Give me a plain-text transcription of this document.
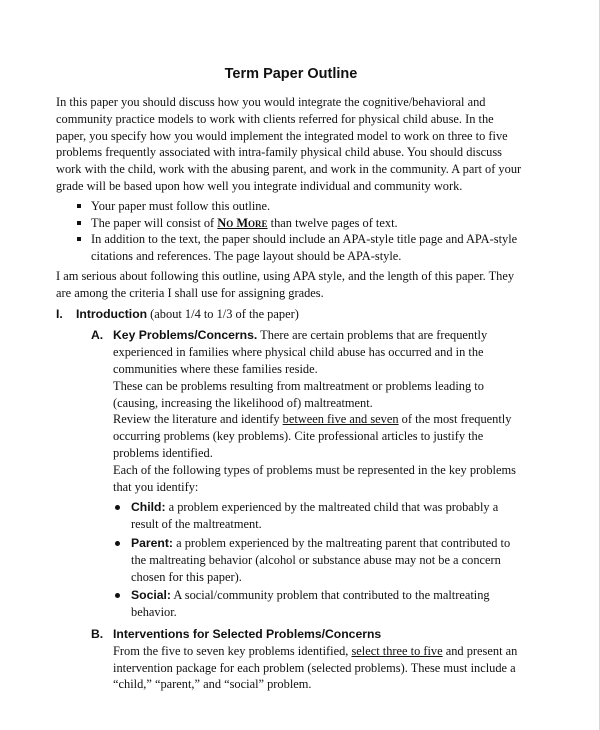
Term Paper Outline

In this paper you should discuss how you would integrate the cognitive/behavioral and community practice models to work with clients referred for physical child abuse. In the paper, you specify how you would implement the integrated model to work on three to five problems frequently associated with intra-family physical child abuse. You should discuss work with the child, work with the abusing parent, and work in the community. A part of your grade will be based upon how well you integrate individual and community work.

Your paper must follow this outline.
The paper will consist of No More than twelve pages of text.
In addition to the text, the paper should include an APA-style title page and APA-style citations and references. The page layout should be APA-style.

I am serious about following this outline, using APA style, and the length of this paper. They are among the criteria I shall use for assigning grades.

I. Introduction (about 1/4 to 1/3 of the paper)
A. Key Problems/Concerns. There are certain problems that are frequently experienced in families where physical child abuse has occurred and in the communities where these families reside.

These can be problems resulting from maltreatment or problems leading to (causing, increasing the likelihood of) maltreatment.

Review the literature and identify between five and seven of the most frequently occurring problems (key problems). Cite professional articles to justify the problems identified.

Each of the following types of problems must be represented in the key problems that you identify:

Child: a problem experienced by the maltreated child that was probably a result of the maltreatment.
Parent: a problem experienced by the maltreating parent that contributed to the maltreating behavior (alcohol or substance abuse may not be a concern chosen for this paper).
Social: A social/community problem that contributed to the maltreating behavior.
B. Interventions for Selected Problems/Concerns

From the five to seven key problems identified, select three to five and present an intervention package for each problem (selected problems). These must include a “child,” “parent,” and “social” problem.
